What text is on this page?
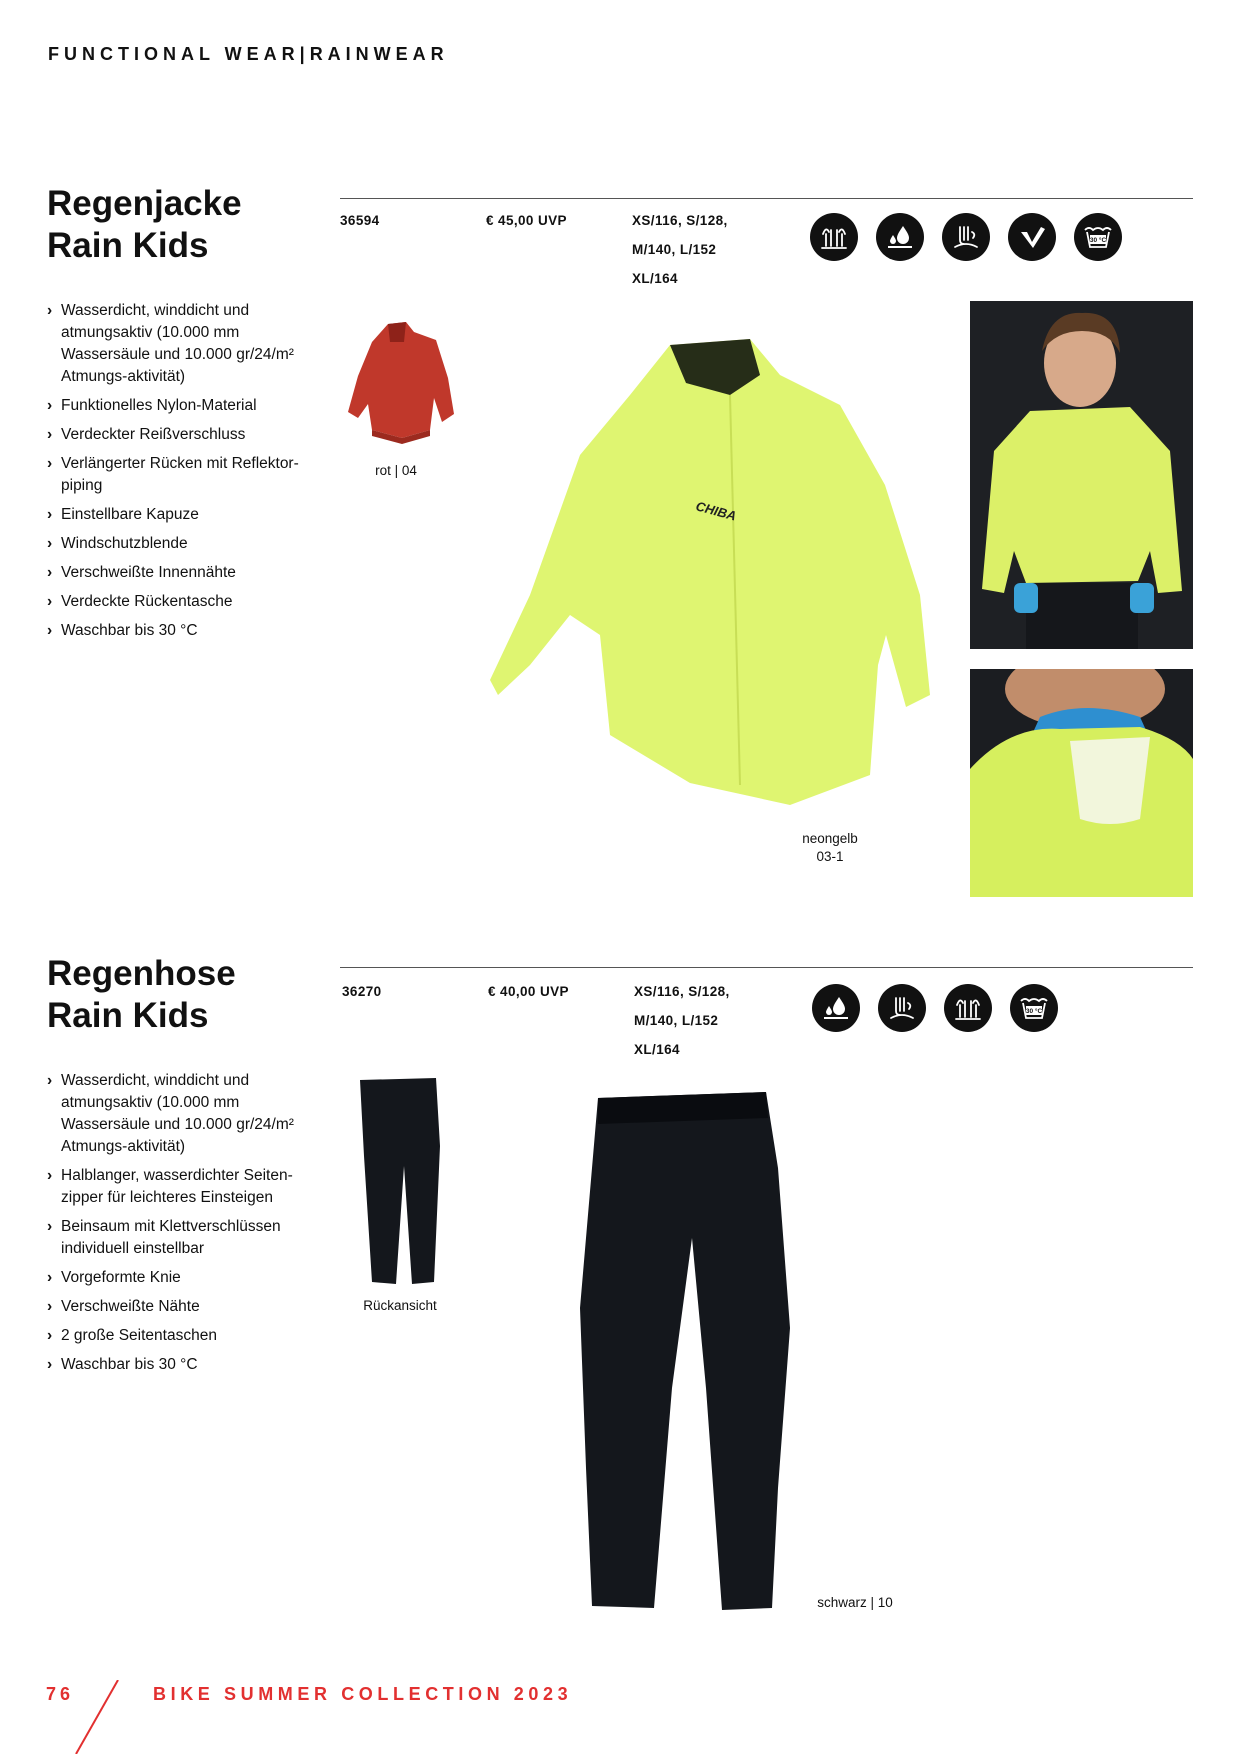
FUNCTIONAL WEAR|RAINWEAR
Regenjacke
Rain Kids
36594	€ 45,00 UVP	XS/116, S/128,
M/140, L/152
XL/164
30 °C
› Wasserdicht, winddicht und atmungsaktiv (10.000 mm Wassersäule und 10.000 gr/24/m² Atmungs-aktivität)
› Funktionelles Nylon-Material
› Verdeckter Reißverschluss
› Verlängerter Rücken mit Reflektor-piping
› Einstellbare Kapuze
› Windschutzblende
› Verschweißte Innennähte
› Verdeckte Rückentasche
› Waschbar bis 30 °C
rot | 04
CHIBA
neongelb
03-1
Regenhose
Rain Kids
36270	€ 40,00 UVP	XS/116, S/128,
M/140, L/152
XL/164
30 °C
› Wasserdicht, winddicht und atmungsaktiv (10.000 mm Wassersäule und 10.000 gr/24/m² Atmungs-aktivität)
› Halblanger, wasserdichter Seiten-zipper für leichteres Einsteigen
› Beinsaum mit Klettverschlüssen individuell einstellbar
› Vorgeformte Knie
› Verschweißte Nähte
› 2 große Seitentaschen
› Waschbar bis 30 °C
Rückansicht
schwarz | 10
76	BIKE SUMMER COLLECTION 2023
